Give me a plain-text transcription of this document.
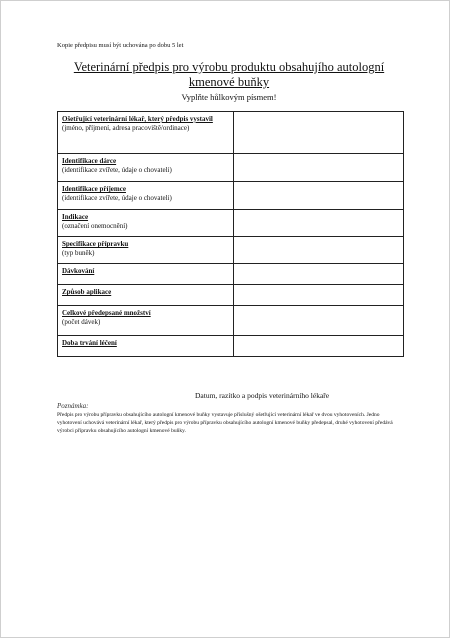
Kopie předpisu musí být uchována po dobu 5 let
Veterinární předpis pro výrobu produktu obsahujího autologní kmenové buňky
Vyplňte hůlkovým písmem!
Ošetřující veterinární lékař, který předpis vystavil
(jméno, příjmení, adresa pracoviště/ordinace)	

Identifikace dárce
(identifikace zvířete, údaje o chovateli)	

Identifikace příjemce
(identifikace zvířete, údaje o chovateli)	

Indikace
(označení onemocnění)	

Specifikace přípravku
(typ buněk)	

Dávkování	
Způsob aplikace	
Celkové předepsané množství
(počet dávek)	

Doba trvání léčení	
Datum, razítko a podpis veterinárního lékaře
Poznámka:
Předpis pro výrobu přípravku obsahujícího autologní kmenové buňky vystavuje příslušný ošetřující veterinární lékař ve dvou vyhotoveních. Jedno vyhotovení uchovává veterinární lékař, který předpis pro výrobu přípravku obsahujícího autologní kmenové buňky předepsal, druhé vyhotovení předává výrobci přípravku obsahujícího autologní kmenové buňky.
